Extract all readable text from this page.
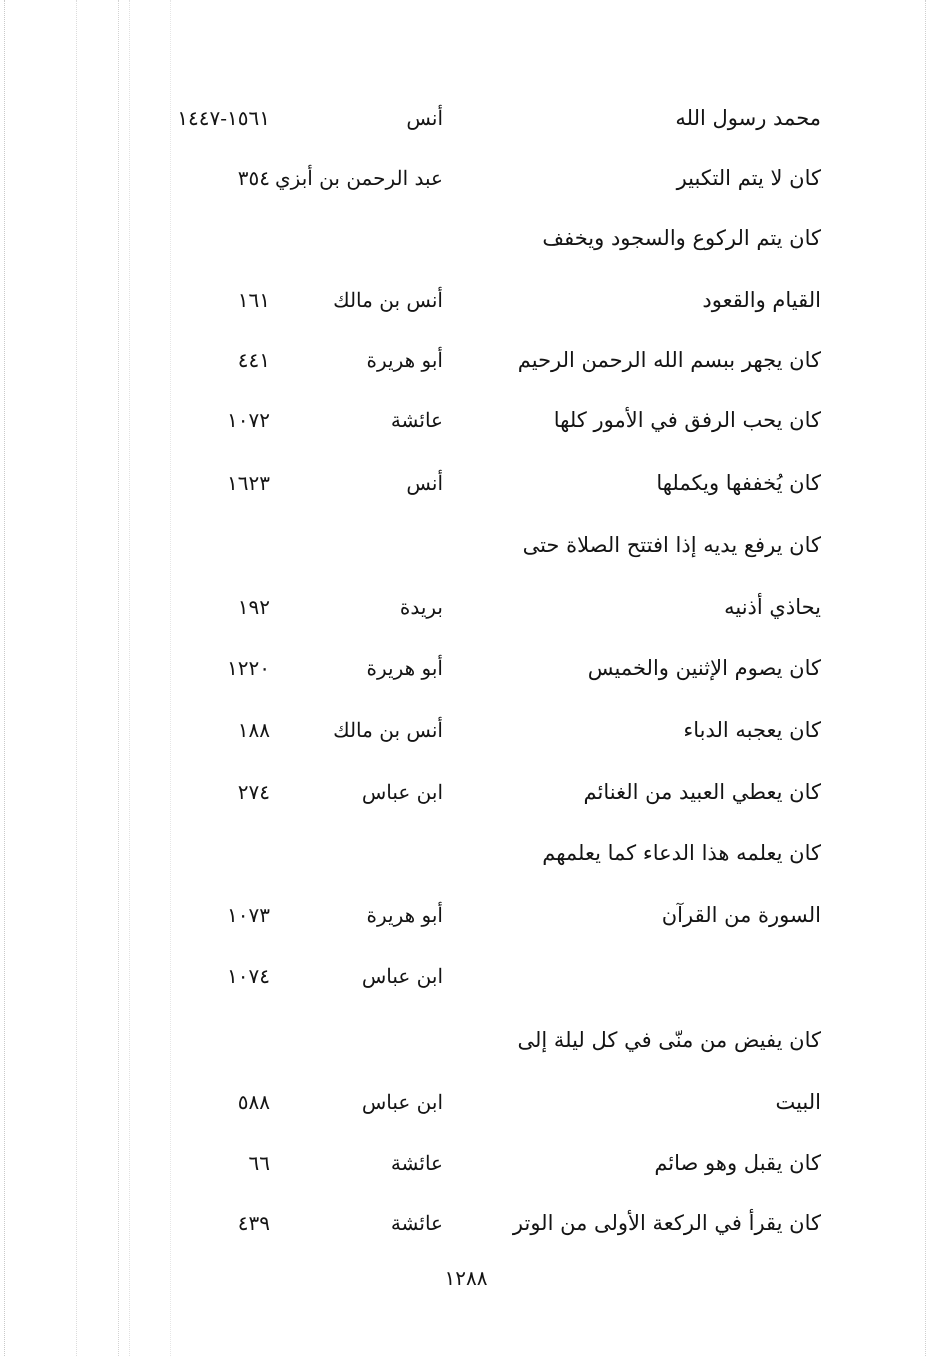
محمد رسول الله
أنس
١٥٦١-١٤٤٧
كان لا يتم التكبير
عبد الرحمن بن أبزي
٣٥٤
كان يتم الركوع والسجود ويخفف
القيام والقعود
أنس بن مالك
١٦١
كان يجهر ببسم الله الرحمن الرحيم
أبو هريرة
٤٤١
كان يحب الرفق في الأمور كلها
عائشة
١٠٧٢
كان يُخففها ويكملها
أنس
١٦٢٣
كان يرفع يديه إذا افتتح الصلاة حتى
يحاذي أذنيه
بريدة
١٩٢
كان يصوم الإثنين والخميس
أبو هريرة
١٢٢٠
كان يعجبه الدباء
أنس بن مالك
١٨٨
كان يعطي العبيد من الغنائم
ابن عباس
٢٧٤
كان يعلمه هذا الدعاء كما يعلمهم
السورة من القرآن
أبو هريرة
١٠٧٣
ابن عباس
١٠٧٤
كان يفيض من منّى في كل ليلة إلى
البيت
ابن عباس
٥٨٨
كان يقبل وهو صائم
عائشة
٦٦
كان يقرأ في الركعة الأولى من الوتر
عائشة
٤٣٩
١٢٨٨
